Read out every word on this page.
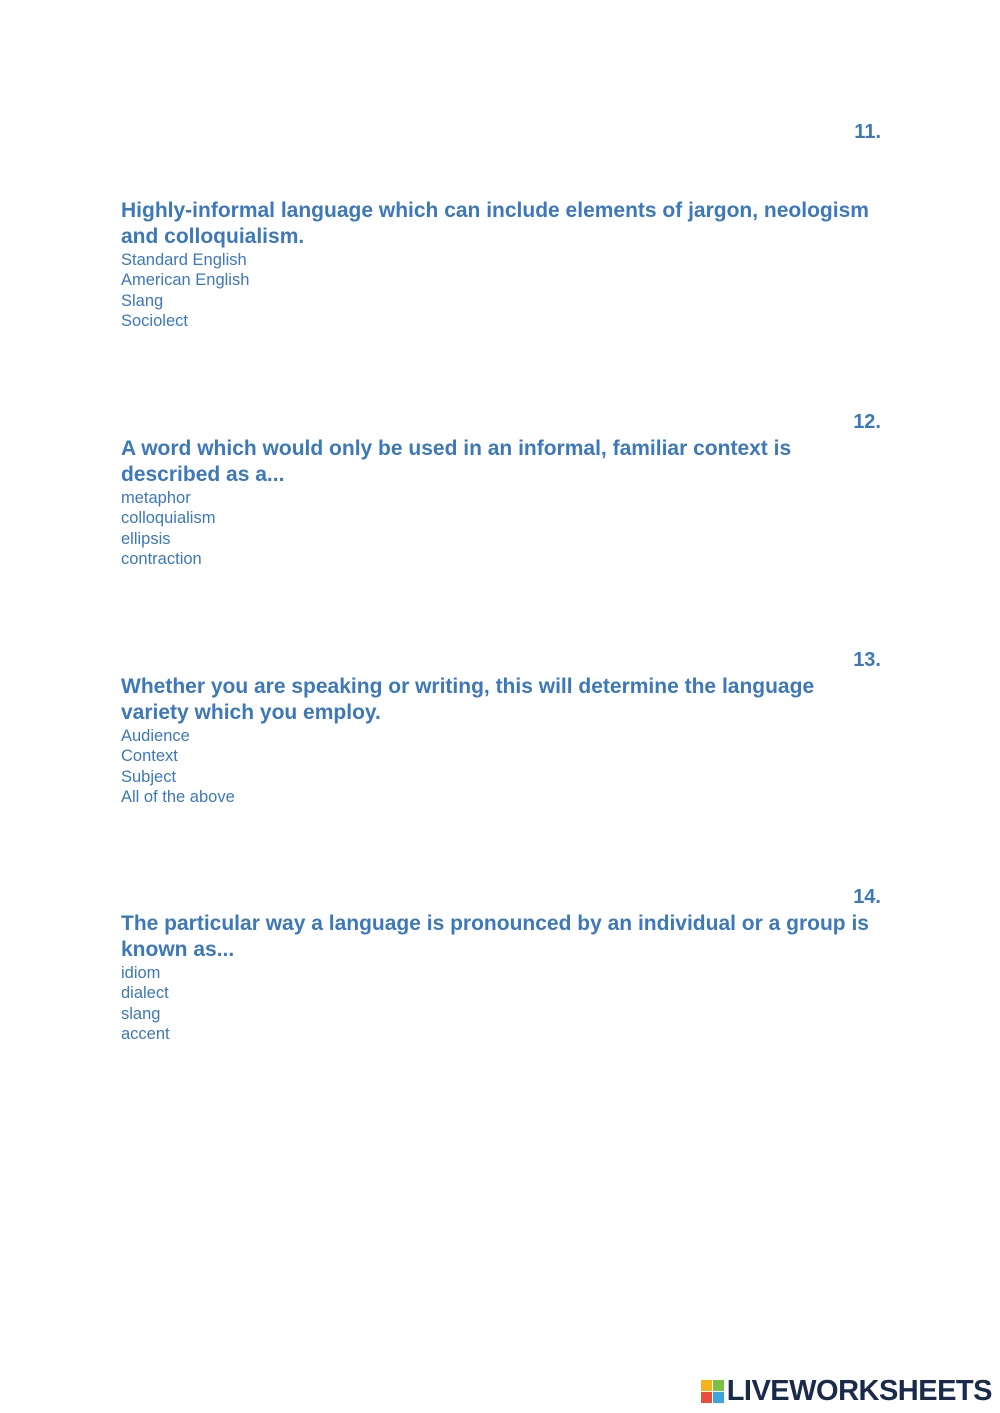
11.

Highly-informal language which can include elements of jargon, neologism and colloquialism.

Standard English
American English
Slang
Sociolect
12.

A word which would only be used in an informal, familiar context is described as a...

metaphor
colloquialism
ellipsis
contraction
13.

Whether you are speaking or writing, this will determine the language variety which you employ.

Audience
Context
Subject
All of the above
14.

The particular way a language is pronounced by an individual or a group is known as...

idiom
dialect
slang
accent
LIVEWORKSHEETS
